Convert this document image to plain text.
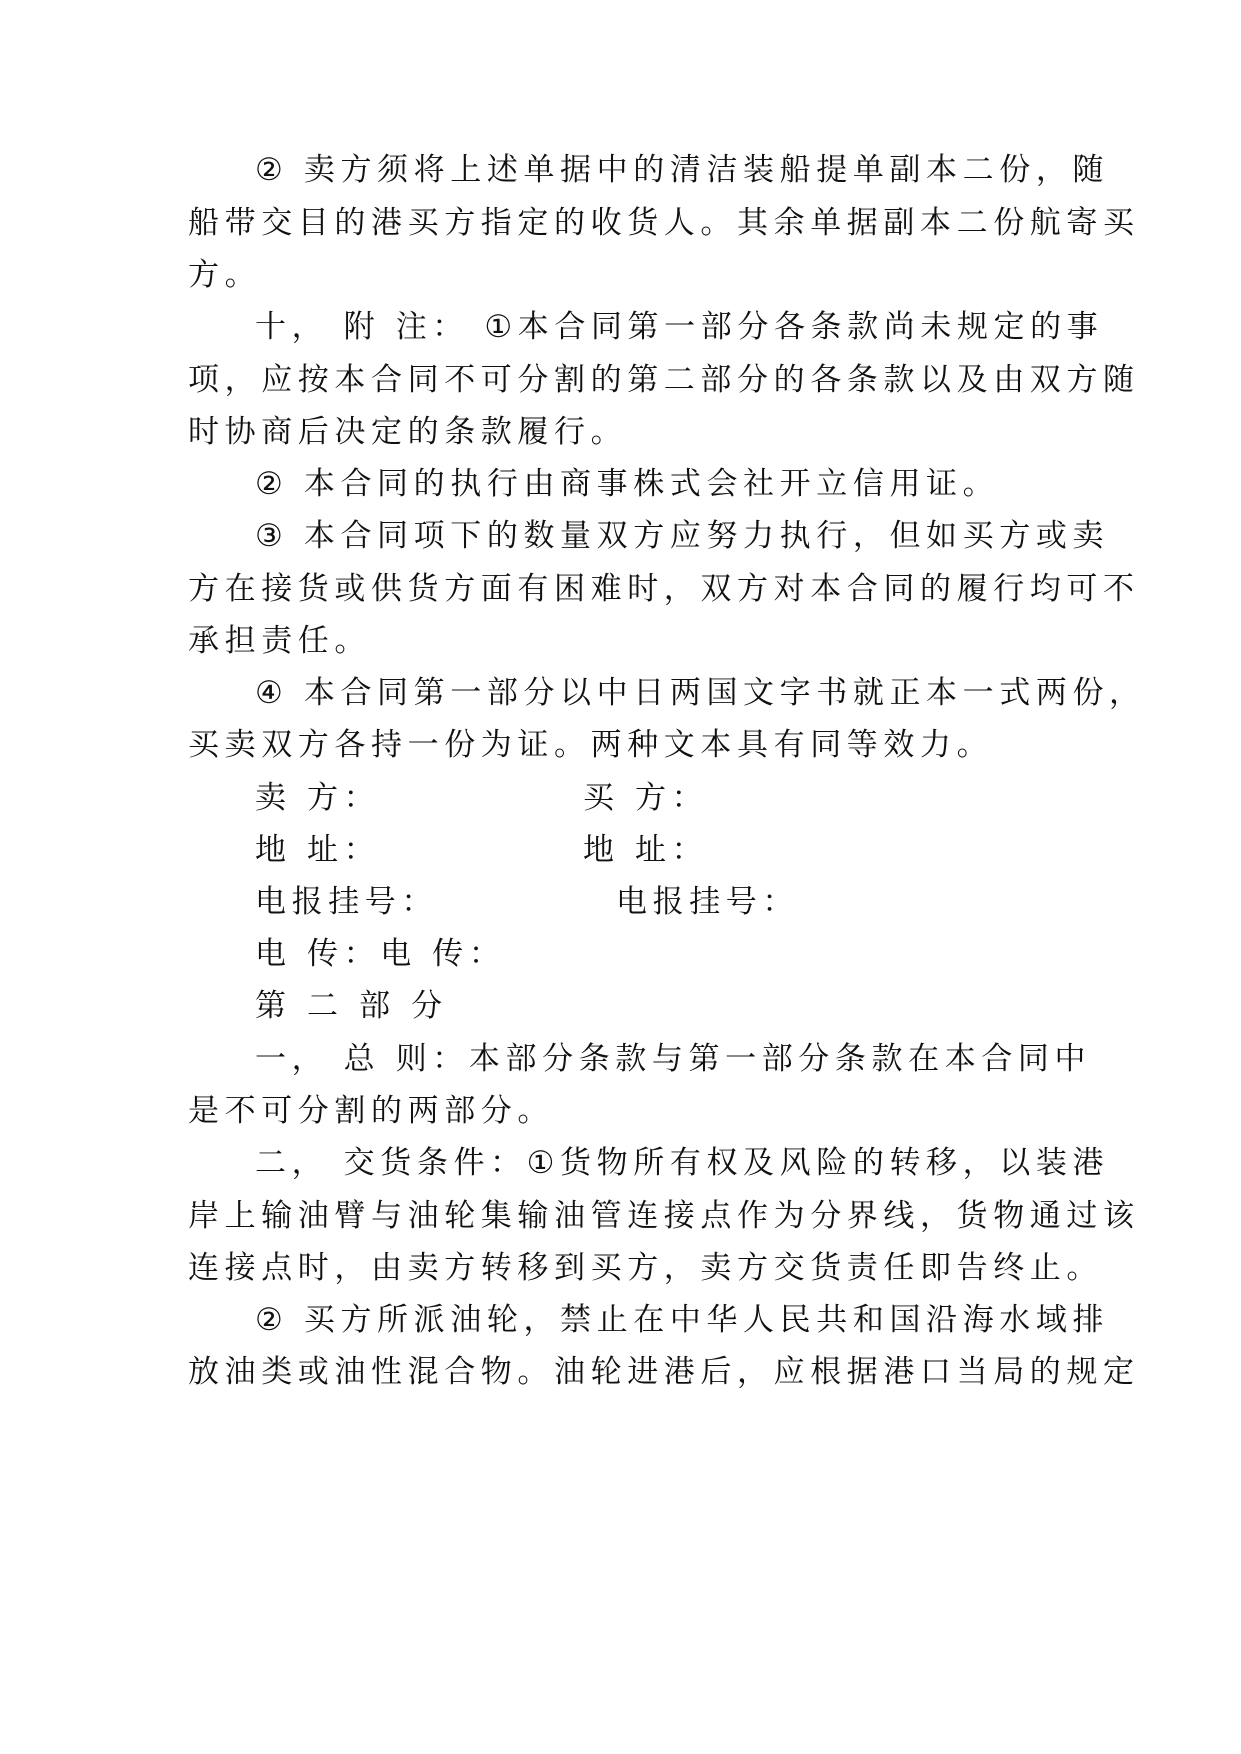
② 卖方须将上述单据中的清洁装船提单副本二份，随
船带交目的港买方指定的收货人。其余单据副本二份航寄买
方。
十， 附 注： ①本合同第一部分各条款尚未规定的事
项，应按本合同不可分割的第二部分的各条款以及由双方随
时协商后决定的条款履行。
② 本合同的执行由商事株式会社开立信用证。
③ 本合同项下的数量双方应努力执行，但如买方或卖
方在接货或供货方面有困难时，双方对本合同的履行均可不
承担责任。
④ 本合同第一部分以中日两国文字书就正本一式两份，
买卖双方各持一份为证。两种文本具有同等效力。
卖 方：	买 方：
地 址：	地 址：
电报挂号：	电报挂号：
电 传：电 传：
第 二 部 分
一， 总 则：本部分条款与第一部分条款在本合同中
是不可分割的两部分。
二， 交货条件：①货物所有权及风险的转移，以装港
岸上输油臂与油轮集输油管连接点作为分界线，货物通过该
连接点时，由卖方转移到买方，卖方交货责任即告终止。
② 买方所派油轮，禁止在中华人民共和国沿海水域排
放油类或油性混合物。油轮进港后，应根据港口当局的规定
